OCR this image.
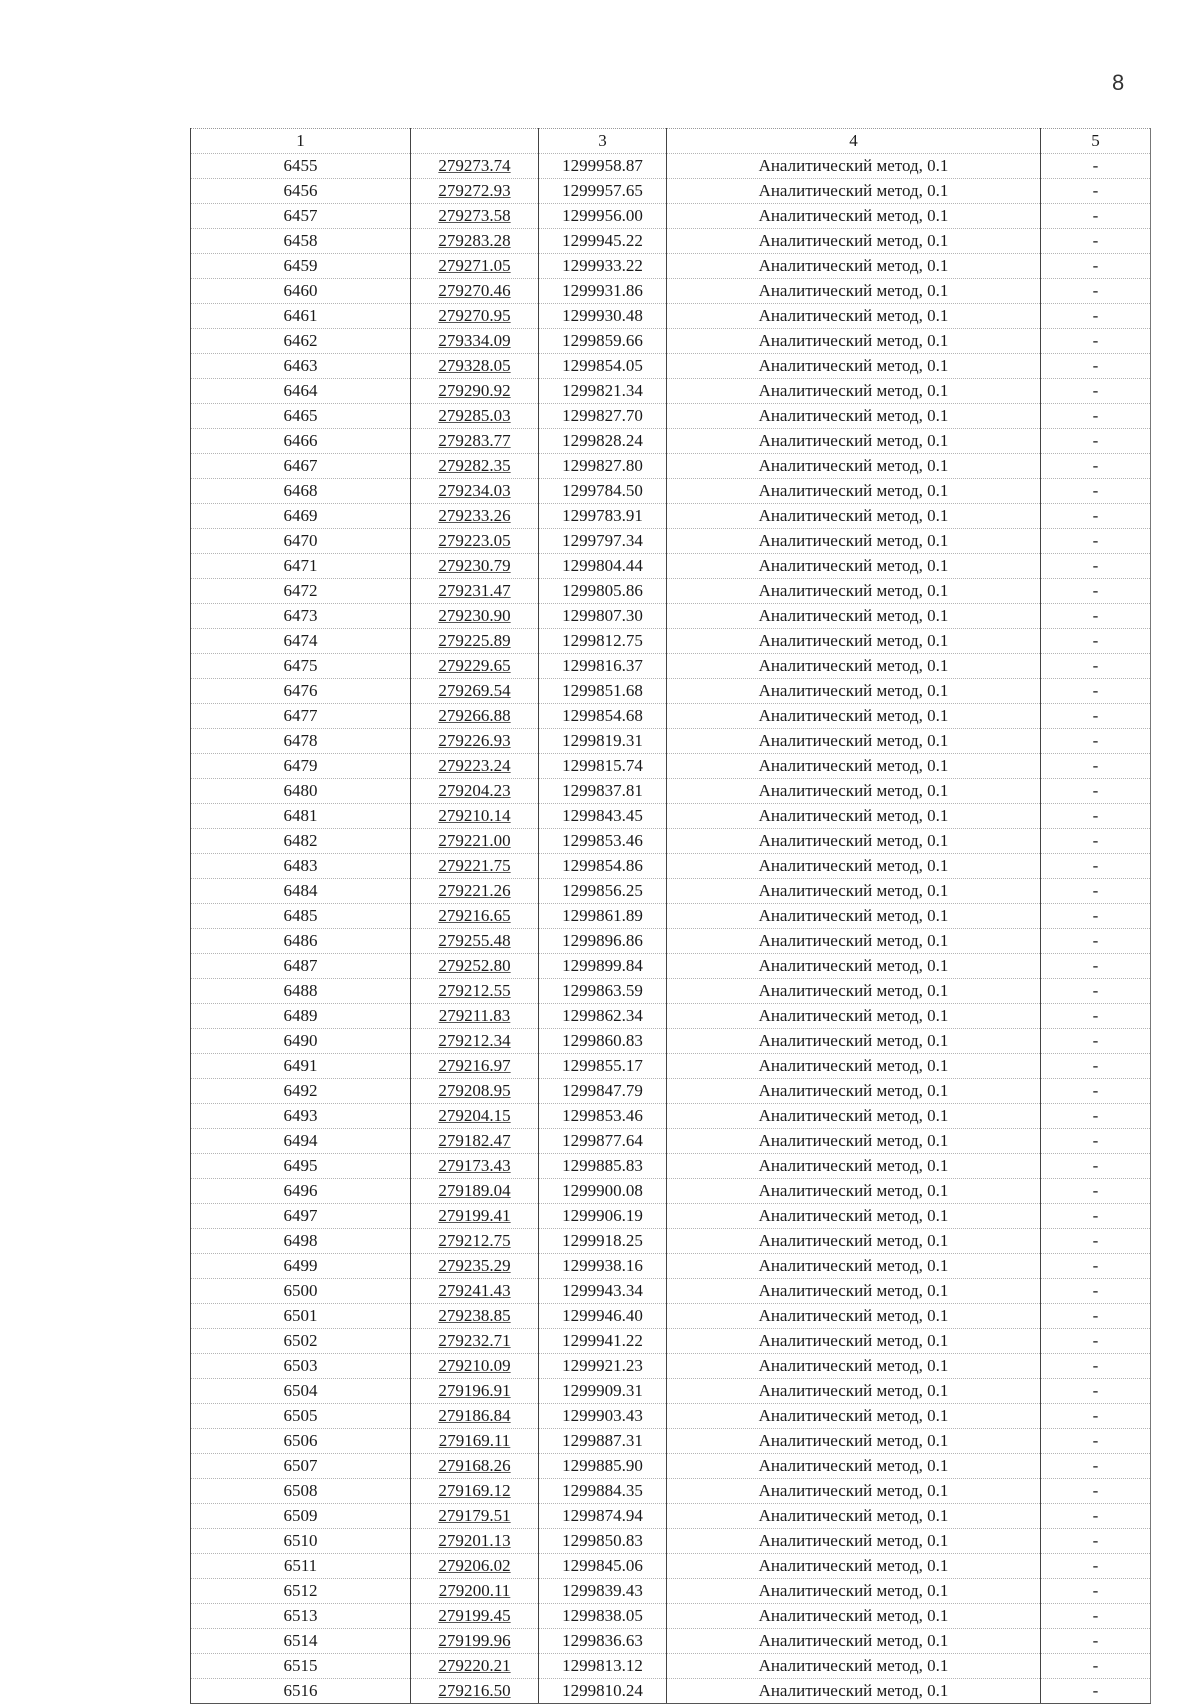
8
1		3	4	5
6455	279273.74	1299958.87	Аналитический метод, 0.1	-
6456	279272.93	1299957.65	Аналитический метод, 0.1	-
6457	279273.58	1299956.00	Аналитический метод, 0.1	-
6458	279283.28	1299945.22	Аналитический метод, 0.1	-
6459	279271.05	1299933.22	Аналитический метод, 0.1	-
6460	279270.46	1299931.86	Аналитический метод, 0.1	-
6461	279270.95	1299930.48	Аналитический метод, 0.1	-
6462	279334.09	1299859.66	Аналитический метод, 0.1	-
6463	279328.05	1299854.05	Аналитический метод, 0.1	-
6464	279290.92	1299821.34	Аналитический метод, 0.1	-
6465	279285.03	1299827.70	Аналитический метод, 0.1	-
6466	279283.77	1299828.24	Аналитический метод, 0.1	-
6467	279282.35	1299827.80	Аналитический метод, 0.1	-
6468	279234.03	1299784.50	Аналитический метод, 0.1	-
6469	279233.26	1299783.91	Аналитический метод, 0.1	-
6470	279223.05	1299797.34	Аналитический метод, 0.1	-
6471	279230.79	1299804.44	Аналитический метод, 0.1	-
6472	279231.47	1299805.86	Аналитический метод, 0.1	-
6473	279230.90	1299807.30	Аналитический метод, 0.1	-
6474	279225.89	1299812.75	Аналитический метод, 0.1	-
6475	279229.65	1299816.37	Аналитический метод, 0.1	-
6476	279269.54	1299851.68	Аналитический метод, 0.1	-
6477	279266.88	1299854.68	Аналитический метод, 0.1	-
6478	279226.93	1299819.31	Аналитический метод, 0.1	-
6479	279223.24	1299815.74	Аналитический метод, 0.1	-
6480	279204.23	1299837.81	Аналитический метод, 0.1	-
6481	279210.14	1299843.45	Аналитический метод, 0.1	-
6482	279221.00	1299853.46	Аналитический метод, 0.1	-
6483	279221.75	1299854.86	Аналитический метод, 0.1	-
6484	279221.26	1299856.25	Аналитический метод, 0.1	-
6485	279216.65	1299861.89	Аналитический метод, 0.1	-
6486	279255.48	1299896.86	Аналитический метод, 0.1	-
6487	279252.80	1299899.84	Аналитический метод, 0.1	-
6488	279212.55	1299863.59	Аналитический метод, 0.1	-
6489	279211.83	1299862.34	Аналитический метод, 0.1	-
6490	279212.34	1299860.83	Аналитический метод, 0.1	-
6491	279216.97	1299855.17	Аналитический метод, 0.1	-
6492	279208.95	1299847.79	Аналитический метод, 0.1	-
6493	279204.15	1299853.46	Аналитический метод, 0.1	-
6494	279182.47	1299877.64	Аналитический метод, 0.1	-
6495	279173.43	1299885.83	Аналитический метод, 0.1	-
6496	279189.04	1299900.08	Аналитический метод, 0.1	-
6497	279199.41	1299906.19	Аналитический метод, 0.1	-
6498	279212.75	1299918.25	Аналитический метод, 0.1	-
6499	279235.29	1299938.16	Аналитический метод, 0.1	-
6500	279241.43	1299943.34	Аналитический метод, 0.1	-
6501	279238.85	1299946.40	Аналитический метод, 0.1	-
6502	279232.71	1299941.22	Аналитический метод, 0.1	-
6503	279210.09	1299921.23	Аналитический метод, 0.1	-
6504	279196.91	1299909.31	Аналитический метод, 0.1	-
6505	279186.84	1299903.43	Аналитический метод, 0.1	-
6506	279169.11	1299887.31	Аналитический метод, 0.1	-
6507	279168.26	1299885.90	Аналитический метод, 0.1	-
6508	279169.12	1299884.35	Аналитический метод, 0.1	-
6509	279179.51	1299874.94	Аналитический метод, 0.1	-
6510	279201.13	1299850.83	Аналитический метод, 0.1	-
6511	279206.02	1299845.06	Аналитический метод, 0.1	-
6512	279200.11	1299839.43	Аналитический метод, 0.1	-
6513	279199.45	1299838.05	Аналитический метод, 0.1	-
6514	279199.96	1299836.63	Аналитический метод, 0.1	-
6515	279220.21	1299813.12	Аналитический метод, 0.1	-
6516	279216.50	1299810.24	Аналитический метод, 0.1	-
